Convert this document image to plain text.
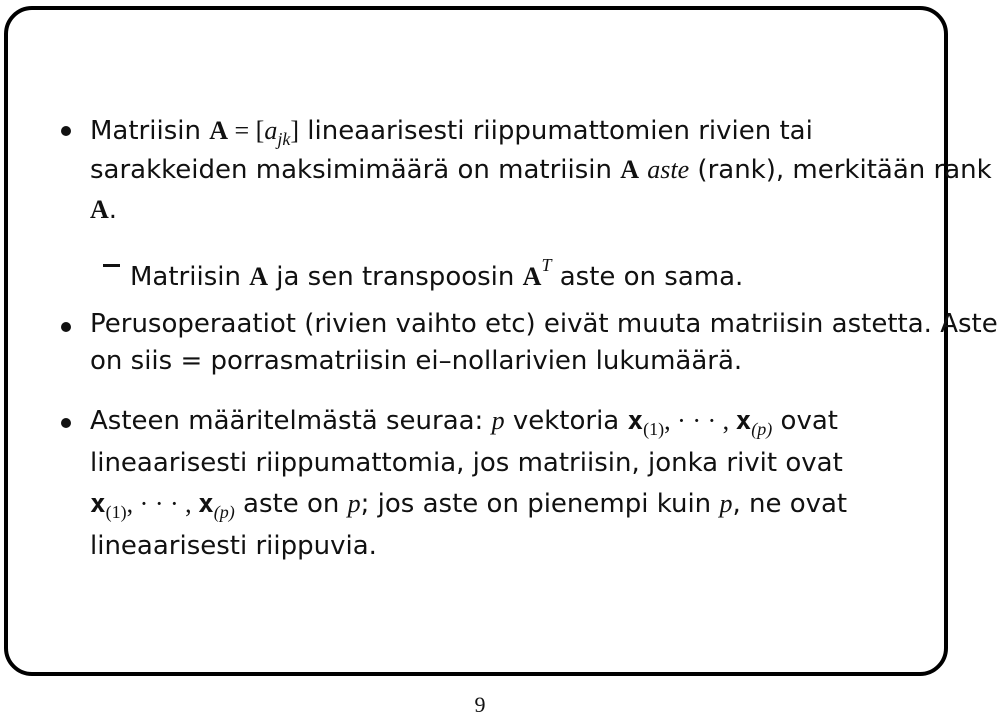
Matriisin $A = [a_{jk}]$ lineaarisesti riippumattomien rivien tai
sarakkeiden maksimimäärä on matriisin A aste (rank), merkitään rank
A.
Matriisin A ja sen transpoosin $A^T$ aste on sama.
Perusoperaatiot (rivien vaihto etc) eivät muuta matriisin astetta. Aste
on siis = porrasmatriisin ei–nollarivien lukumäärä.
Asteen määritelmästä seuraa: p vektoria $x_{(1)}$, · · · , $x_{(p)}$ ovat
lineaarisesti riippumattomia, jos matriisin, jonka rivit ovat
$x_{(1)}$, · · · , $x_{(p)}$ aste on p; jos aste on pienempi kuin p, ne ovat
lineaarisesti riippuvia.
9
